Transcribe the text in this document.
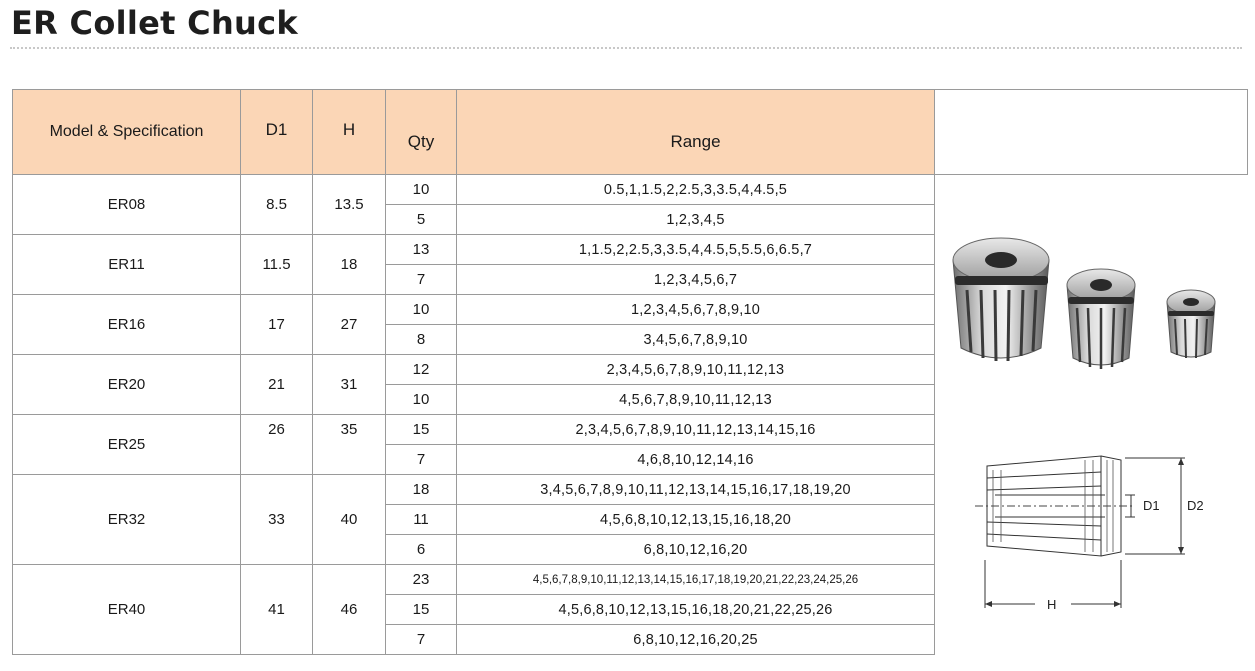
ER Collet Chuck
Model & Specification	D1	H	Qty	Range	D1 D2
H

ER08	8.5	13.5	10	0.5,1,1.5,2,2.5,3,3.5,4,4.5,5	
			5	1,2,3,4,5	
ER11	11.5	18	13	1,1.5,2,2.5,3,3.5,4,4.5,5,5.5,6,6.5,7	
			7	1,2,3,4,5,6,7	
ER16	17	27	10	1,2,3,4,5,6,7,8,9,10	
			8	3,4,5,6,7,8,9,10	
ER20	21	31	12	2,3,4,5,6,7,8,9,10,11,12,13	
			10	4,5,6,7,8,9,10,11,12,13	
ER25	26	35	15	2,3,4,5,6,7,8,9,10,11,12,13,14,15,16	
			7	4,6,8,10,12,14,16	
ER32	33	40	18	3,4,5,6,7,8,9,10,11,12,13,14,15,16,17,18,19,20	
			11	4,5,6,8,10,12,13,15,16,18,20	
			6	6,8,10,12,16,20	
ER40	41	46	23	4,5,6,7,8,9,10,11,12,13,14,15,16,17,18,19,20,21,22,23,24,25,26	
			15	4,5,6,8,10,12,13,15,16,18,20,21,22,25,26	
			7	6,8,10,12,16,20,25	
